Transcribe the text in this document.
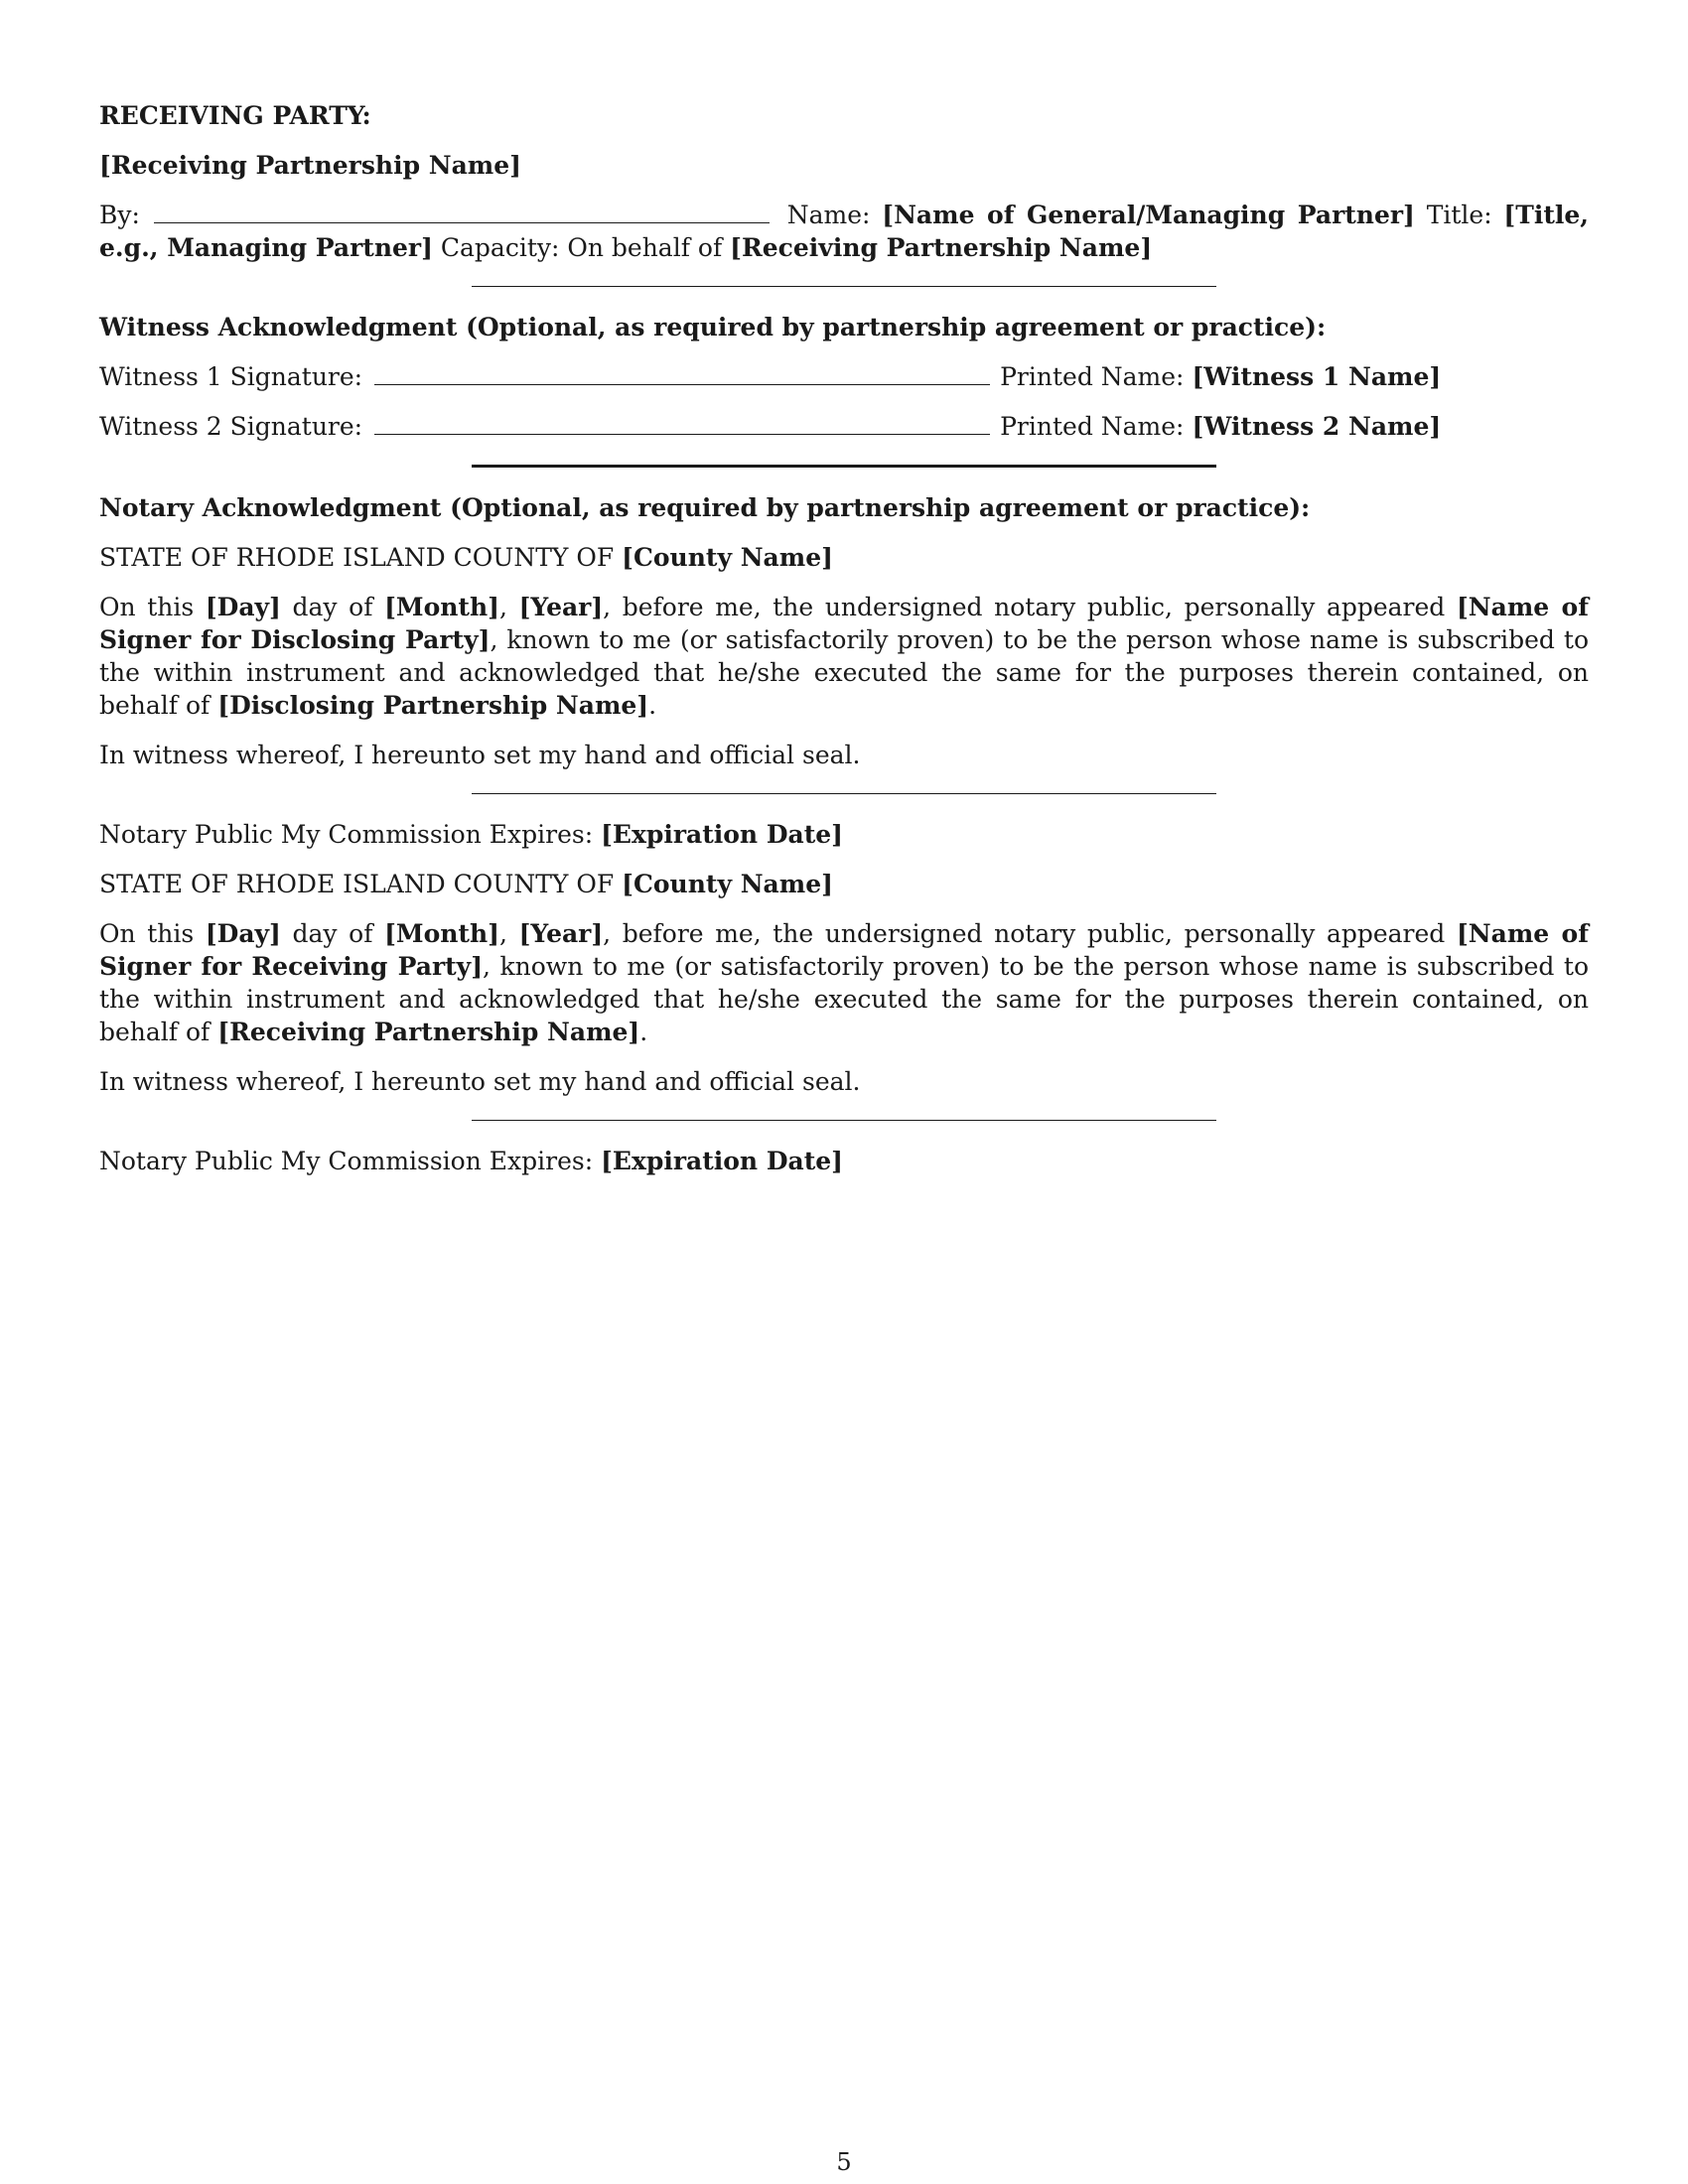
RECEIVING PARTY:

[Receiving Partnership Name]

By:	Name: [Name of General/Managing Partner] Title: [Title, e.g., Managing Partner] Capacity: On behalf of [Receiving Partnership Name]

Witness Acknowledgment (Optional, as required by partnership agreement or practice):

Witness 1 Signature:	Printed Name:
[Witness 1 Name]
Witness 2 Signature:	Printed Name:
[Witness 2 Name]

Notary Acknowledgment (Optional, as required by partnership agreement or practice):

STATE OF RHODE ISLAND COUNTY OF [County Name]

On this [Day] day of [Month], [Year], before me, the undersigned notary public, personally appeared [Name of Signer for Disclosing Party], known to me (or satisfactorily proven) to be the person whose name is subscribed to the within instrument and acknowledged that he/she executed the same for the purposes therein contained, on behalf of [Disclosing Partnership Name].

In witness whereof, I hereunto set my hand and official seal.

Notary Public My Commission Expires: [Expiration Date]

STATE OF RHODE ISLAND COUNTY OF [County Name]

On this [Day] day of [Month], [Year], before me, the undersigned notary public, personally appeared [Name of Signer for Receiving Party], known to me (or satisfactorily proven) to be the person whose name is subscribed to the within instrument and acknowledged that he/she executed the same for the purposes therein contained, on behalf of [Receiving Partnership Name].

In witness whereof, I hereunto set my hand and official seal.

Notary Public My Commission Expires: [Expiration Date]

5
